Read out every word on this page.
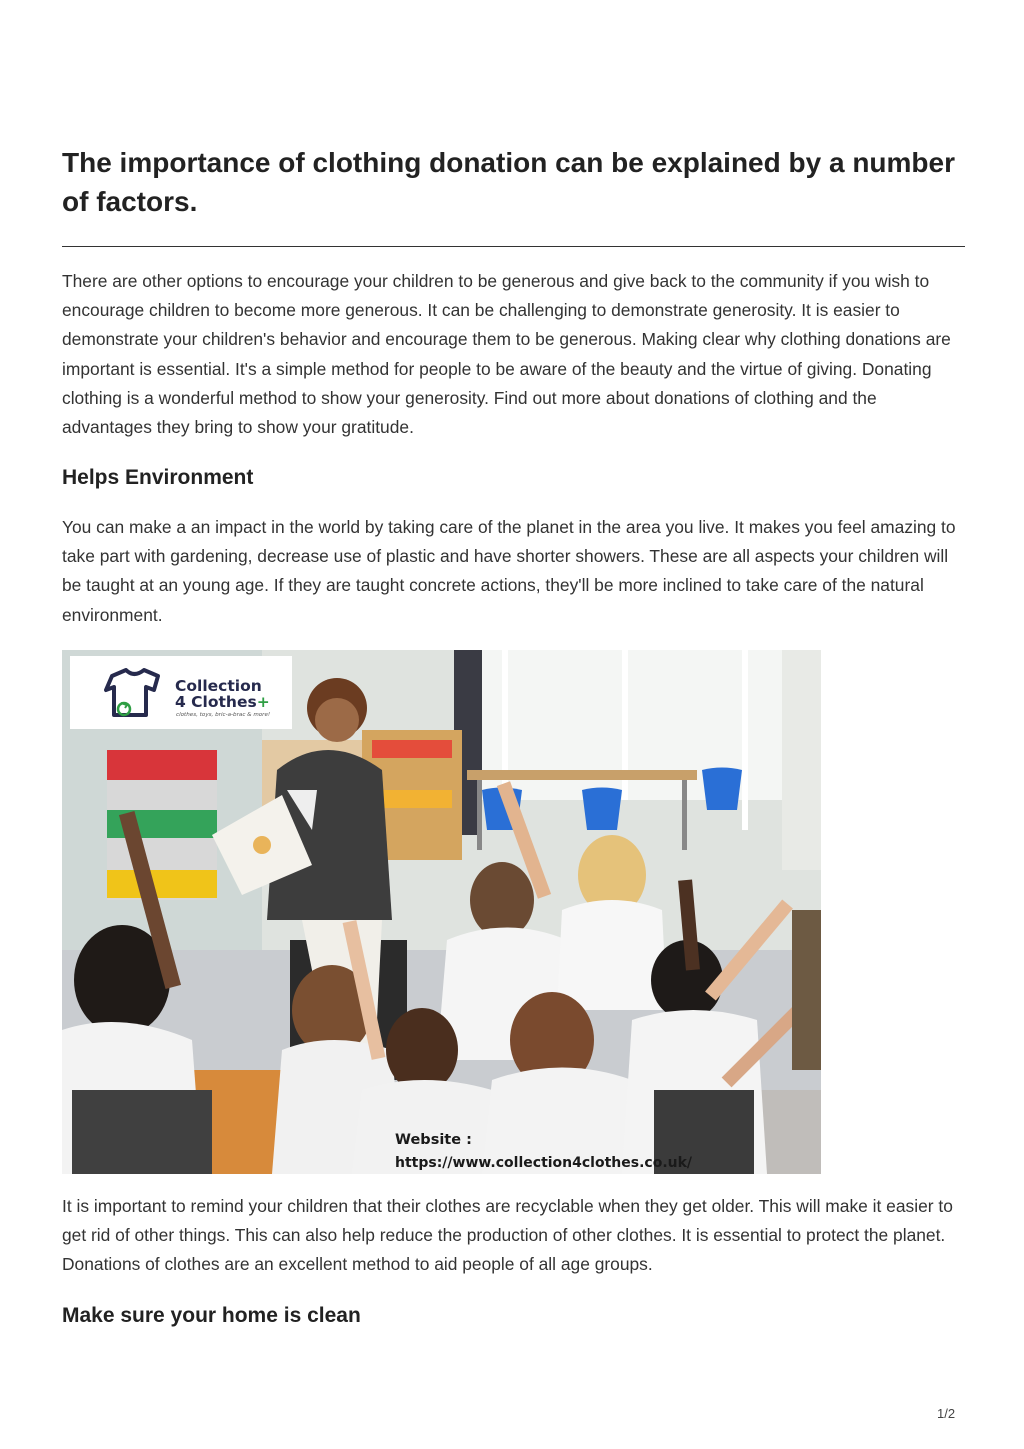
The importance of clothing donation can be explained by a number of factors.

There are other options to encourage your children to be generous and give back to the community if you wish to encourage children to become more generous. It can be challenging to demonstrate generosity. It is easier to demonstrate your children's behavior and encourage them to be generous. Making clear why clothing donations are important is essential. It's a simple method for people to be aware of the beauty and the virtue of giving. Donating clothing is a wonderful method to show your generosity. Find out more about donations of clothing and the advantages they bring to show your gratitude.

Helps Environment

You can make a an impact in the world by taking care of the planet in the area you live. It makes you feel amazing to take part with gardening, decrease use of plastic and have shorter showers. These are all aspects your children will be taught at an young age. If they are taught concrete actions, they'll be more inclined to take care of the natural environment.

Collection
4 Clothes+
clothes, toys, bric-a-brac & more!
Website :
https://www.collection4clothes.co.uk/

It is important to remind your children that their clothes are recyclable when they get older. This will make it easier to get rid of other things. This can also help reduce the production of other clothes. It is essential to protect the planet. Donations of clothes are an excellent method to aid people of all age groups.

Make sure your home is clean
1/2
